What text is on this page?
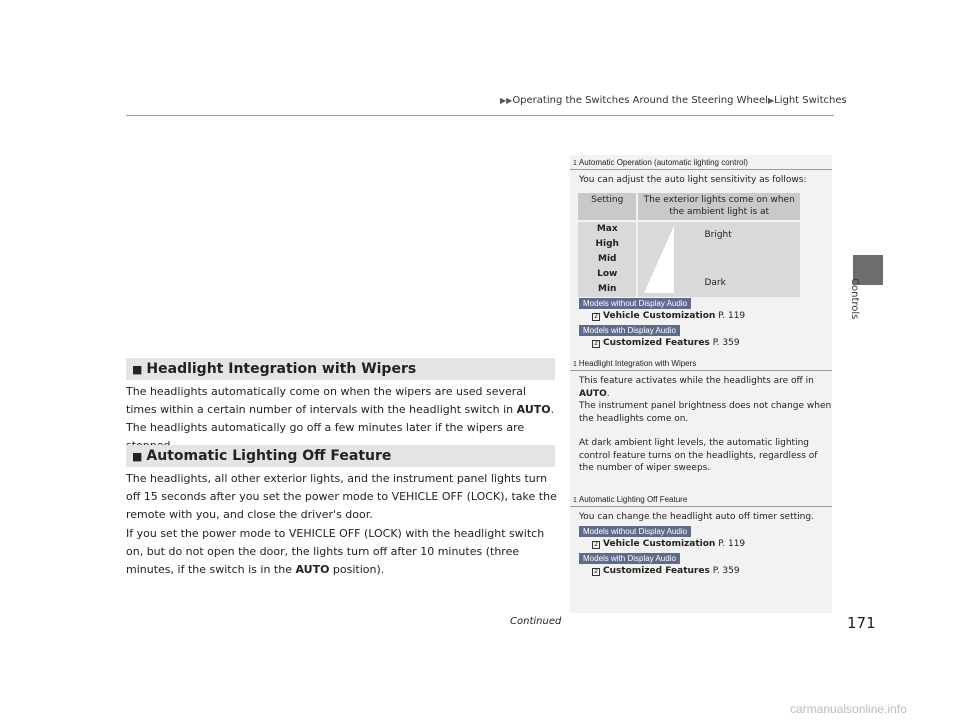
▶▶Operating the Switches Around the Steering Wheel▶Light Switches
Controls
■ Headlight Integration with Wipers
The headlights automatically come on when the wipers are used several times within a certain number of intervals with the headlight switch in AUTO.
The headlights automatically go off a few minutes later if the wipers are
■ Automatic Lighting Off Feature
The headlights, all other exterior lights, and the instrument panel lights turn off 15 seconds after you set the power mode to VEHICLE OFF (LOCK), take the remote with you, and close the driver's door.
If you set the power mode to VEHICLE OFF (LOCK) with the headlight switch on, but do not open the door, the lights turn off after 10 minutes (three minutes, if the switch is in the AUTO position).
1 Automatic Operation (automatic lighting control)
You can adjust the auto light sensitivity as follows:
Setting	The exterior lights come on when the ambient light is at
Max
High
Mid
Low
Min
Bright
Dark
Models without Display Audio
2 Vehicle Customization P. 119
Models with Display Audio
2 Customized Features P. 359
1 Headlight Integration with Wipers
This feature activates while the headlights are off in AUTO.
The instrument panel brightness does not change when the headlights come on.
At dark ambient light levels, the automatic lighting control feature turns on the headlights, regardless of the number of wiper sweeps.
1 Automatic Lighting Off Feature
You can change the headlight auto off timer setting.
Models without Display Audio
2 Vehicle Customization P. 119
Models with Display Audio
2 Customized Features P. 359
Continued	171
carmanualsonline.info
